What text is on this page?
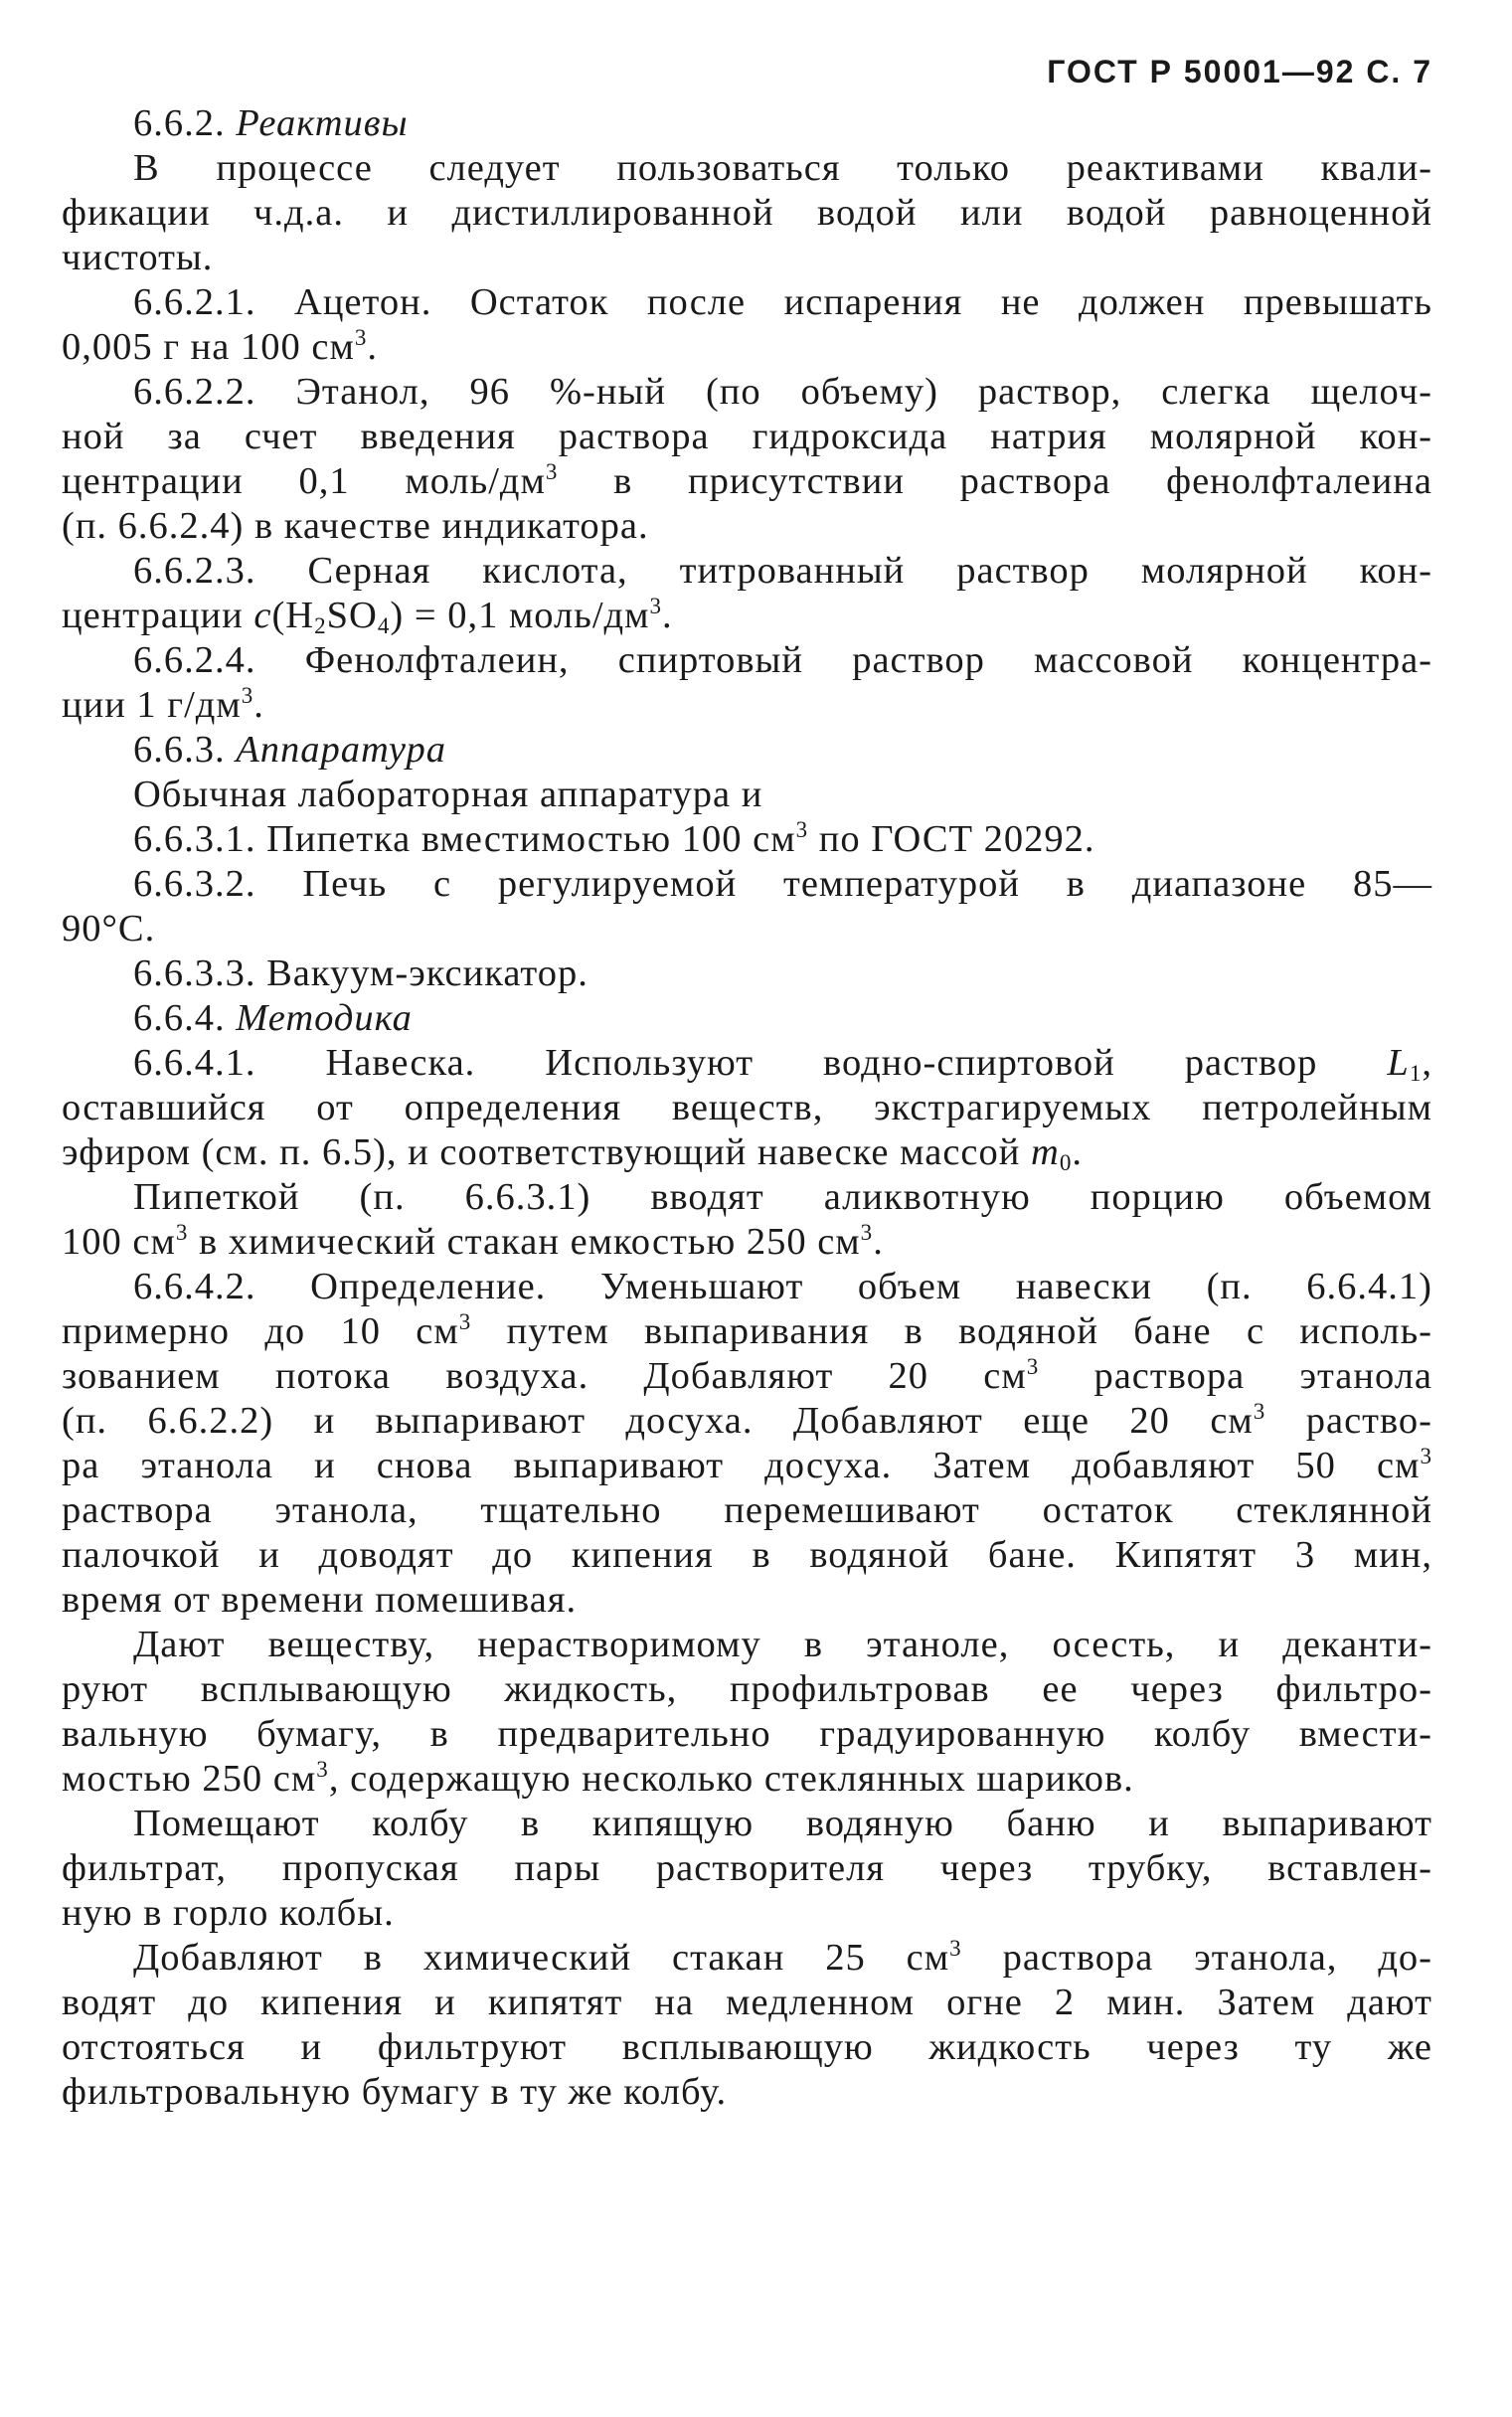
ГОСТ Р 50001—92 С. 7

6.6.2. Реактивы

В процессе следует пользоваться только реактивами квали-
фикации ч.д.а. и дистиллированной водой или водой равноценной
чистоты.

6.6.2.1. Ацетон. Остаток после испарения не должен превышать
0,005 г на 100 $см^3$.

6.6.2.2. Этанол, 96 %-ный (по объему) раствор, слегка щелоч-
ной за счет введения раствора гидроксида натрия молярной кон-
центрации 0,1 моль/$дм^3$ в присутствии раствора фенолфталеина
(п. 6.6.2.4) в качестве индикатора.

6.6.2.3. Серная кислота, титрованный раствор молярной кон-
центрации $c(H_2SO_4) = 0,1$ моль/$дм^3$.

6.6.2.4. Фенолфталеин, спиртовый раствор массовой концентра-
ции 1 $г/дм^3$.

6.6.3. Аппаратура

Обычная лабораторная аппаратура и

6.6.3.1. Пипетка вместимостью 100 $см^3$ по ГОСТ 20292.

6.6.3.2. Печь с регулируемой температурой в диапазоне 85—
90°С.

6.6.3.3. Вакуум-эксикатор.

6.6.4. Методика

6.6.4.1. Навеска. Используют водно-спиртовой раствор $L_1$,
оставшийся от определения веществ, экстрагируемых петролейным
эфиром (см. п. 6.5), и соответствующий навеске массой $m_0$.

Пипеткой (п. 6.6.3.1) вводят аликвотную порцию объемом
100 $см^3$ в химический стакан емкостью 250 $см^3$.

6.6.4.2. Определение. Уменьшают объем навески (п. 6.6.4.1)
примерно до 10 $см^3$ путем выпаривания в водяной бане с исполь-
зованием потока воздуха. Добавляют 20 $см^3$ раствора этанола
(п. 6.6.2.2) и выпаривают досуха. Добавляют еще 20 $см^3$ раство-
ра этанола и снова выпаривают досуха. Затем добавляют 50 $см^3$
раствора этанола, тщательно перемешивают остаток стеклянной
палочкой и доводят до кипения в водяной бане. Кипятят 3 мин,
время от времени помешивая.

Дают веществу, нерастворимому в этаноле, осесть, и деканти-
руют всплывающую жидкость, профильтровав ее через фильтро-
вальную бумагу, в предварительно градуированную колбу вмести-
мостью 250 $см^3$, содержащую несколько стеклянных шариков.

Помещают колбу в кипящую водяную баню и выпаривают
фильтрат, пропуская пары растворителя через трубку, вставлен-
ную в горло колбы.

Добавляют в химический стакан 25 $см^3$ раствора этанола, до-
водят до кипения и кипятят на медленном огне 2 мин. Затем дают
отстояться и фильтруют всплывающую жидкость через ту же
фильтровальную бумагу в ту же колбу.
